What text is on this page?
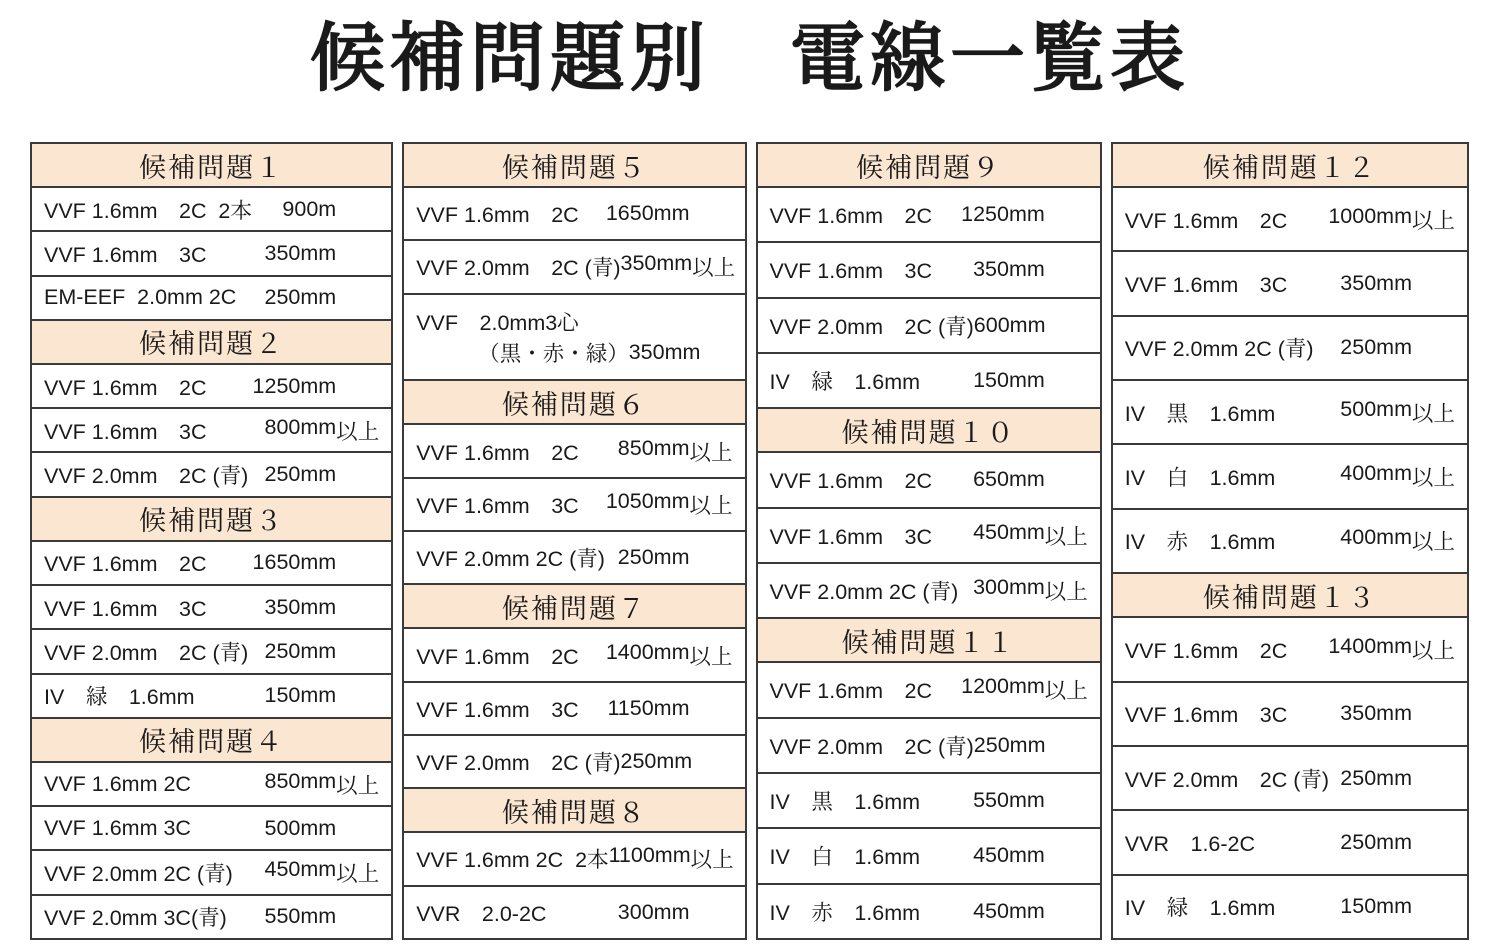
候補問題別　電線一覧表
候補問題１
VVF 1.6mm　2C  2本 900m
VVF 1.6mm　3C	350mm
EM-EEF  2.0mm 2C 250mm
候補問題２
VVF 1.6mm　2C 1250mm
VVF 1.6mm　3C	800mm 以上
VVF 2.0mm　2C (青) 250mm
候補問題３
VVF 1.6mm　2C 1650mm
VVF 1.6mm　3C	350mm
VVF 2.0mm　2C (青) 250mm
IV　緑　1.6mm	150mm
候補問題４
VVF 1.6mm 2C	850mm 以上
VVF 1.6mm 3C	500mm
VVF 2.0mm 2C (青) 450mm 以上
VVF 2.0mm 3C(青) 550mm
候補問題５
VVF 1.6mm　2C 1650mm
VVF 2.0mm　2C (青) 350mm 以上
VVF　2.0mm3心
（黒・赤・緑） 350mm
候補問題６
VVF 1.6mm　2C 850mm 以上
VVF 1.6mm　3C 1050mm 以上
VVF 2.0mm 2C (青) 250mm
候補問題７
VVF 1.6mm　2C 1400mm 以上
VVF 1.6mm　3C 1150mm
VVF 2.0mm　2C (青) 250mm
候補問題８
VVF 1.6mm 2C  2本 1100mm 以上
VVR　2.0-2C	300mm
候補問題９
VVF 1.6mm　2C 1250mm
VVF 1.6mm　3C 350mm
VVF 2.0mm　2C (青) 600mm
IV　緑　1.6mm 150mm
候補問題１０
VVF 1.6mm　2C 650mm
VVF 1.6mm　3C 450mm 以上
VVF 2.0mm 2C (青) 300mm 以上
候補問題１１
VVF 1.6mm　2C 1200mm 以上
VVF 2.0mm　2C (青) 250mm
IV　黒　1.6mm 550mm
IV　白　1.6mm 450mm
IV　赤　1.6mm 450mm
候補問題１２
VVF 1.6mm　2C 1000mm 以上
VVF 1.6mm　3C 350mm
VVF 2.0mm 2C (青) 250mm
IV　黒　1.6mm	500mm 以上
IV　白　1.6mm	400mm 以上
IV　赤　1.6mm	400mm 以上
候補問題１３
VVF 1.6mm　2C 1400mm 以上
VVF 1.6mm　3C 350mm
VVF 2.0mm　2C (青) 250mm
VVR　1.6-2C	250mm
IV　緑　1.6mm	150mm
